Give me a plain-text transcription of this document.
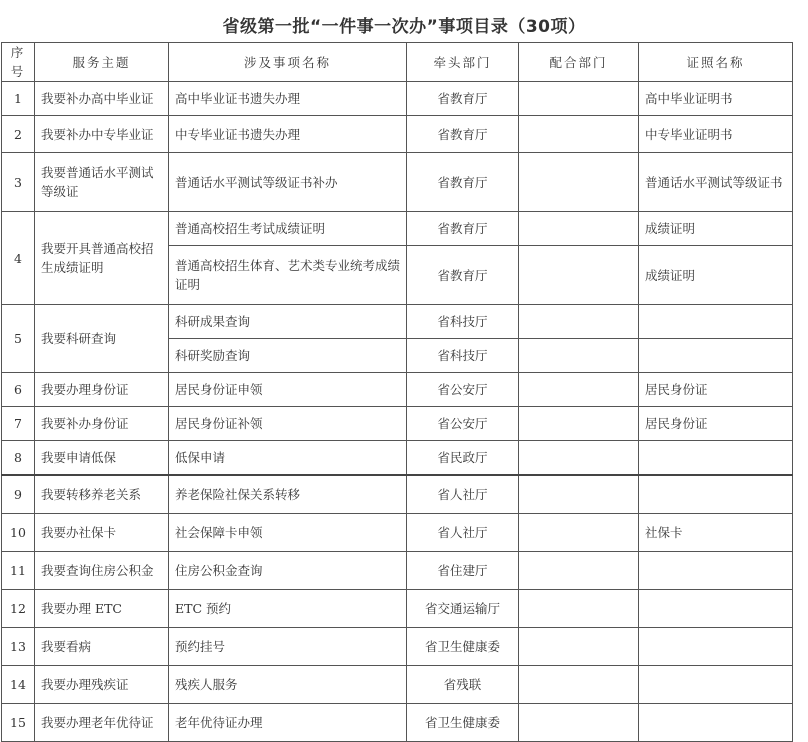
省级第一批“一件事一次办”事项目录（30项）
序号	服务主题	涉及事项名称	牵头部门	配合部门	证照名称
1	我要补办高中毕业证	高中毕业证书遗失办理	省教育厅		高中毕业证明书
2	我要补办中专毕业证	中专毕业证书遗失办理	省教育厅		中专毕业证明书
3	我要普通话水平测试等级证	普通话水平测试等级证书补办	省教育厅		普通话水平测试等级证书
4	我要开具普通高校招生成绩证明	普通高校招生考试成绩证明	省教育厅		成绩证明
		普通高校招生体育、艺术类专业统考成绩证明	省教育厅		成绩证明
5	我要科研查询	科研成果查询	省科技厅		
		科研奖励查询	省科技厅		
6	我要办理身份证	居民身份证申领	省公安厅		居民身份证
7	我要补办身份证	居民身份证补领	省公安厅		居民身份证
8	我要申请低保	低保申请	省民政厅		
9	我要转移养老关系	养老保险社保关系转移	省人社厅		
10	我要办社保卡	社会保障卡申领	省人社厅		社保卡
11	我要查询住房公积金	住房公积金查询	省住建厅		
12	我要办理 ETC	ETC 预约	省交通运输厅		
13	我要看病	预约挂号	省卫生健康委		
14	我要办理残疾证	残疾人服务	省残联		
15	我要办理老年优待证	老年优待证办理	省卫生健康委		
